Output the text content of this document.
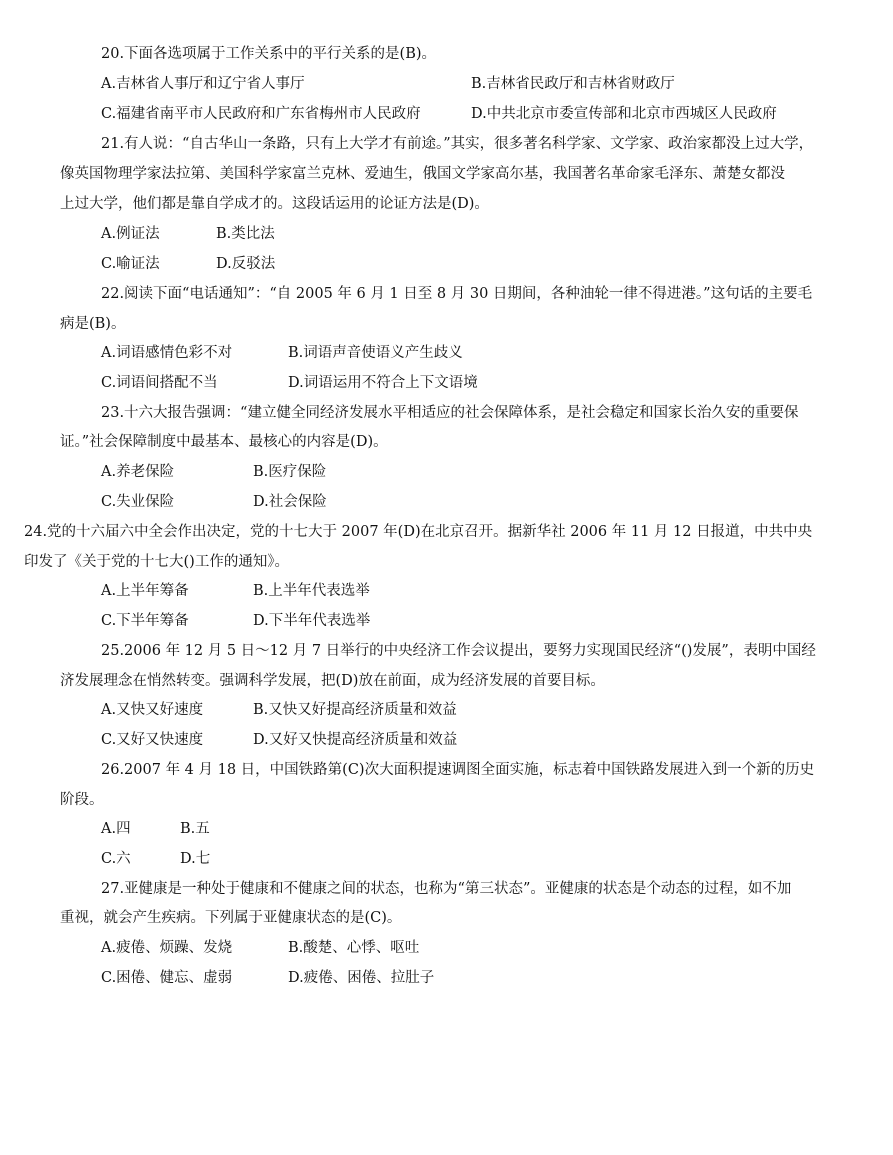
20.下面各选项属于工作关系中的平行关系的是(B)。
A.吉林省人事厅和辽宁省人事厅	B.吉林省民政厅和吉林省财政厅
C.福建省南平市人民政府和广东省梅州市人民政府	D.中共北京市委宣传部和北京市西城区人民政府
21.有人说：“自古华山一条路，只有上大学才有前途。”其实，很多著名科学家、文学家、政治家都没上过大学，
像英国物理学家法拉第、美国科学家富兰克林、爱迪生，俄国文学家高尔基，我国著名革命家毛泽东、萧楚女都没
上过大学，他们都是靠自学成才的。这段话运用的论证方法是(D)。
A.例证法	B.类比法
C.喻证法	D.反驳法
22.阅读下面“电话通知”：“自 2005 年 6 月 1 日至 8 月 30 日期间，各种油轮一律不得进港。”这句话的主要毛
病是(B)。
A.词语感情色彩不对	B.词语声音使语义产生歧义
C.词语间搭配不当	D.词语运用不符合上下文语境
23.十六大报告强调：“建立健全同经济发展水平相适应的社会保障体系，是社会稳定和国家长治久安的重要保
证。”社会保障制度中最基本、最核心的内容是(D)。
A.养老保险	B.医疗保险
C.失业保险	D.社会保险
24.党的十六届六中全会作出决定，党的十七大于 2007 年(D)在北京召开。据新华社 2006 年 11 月 12 日报道，中共中央
印发了《关于党的十七大()工作的通知》。
A.上半年筹备	B.上半年代表选举
C.下半年筹备	D.下半年代表选举
25.2006 年 12 月 5 日～12 月 7 日举行的中央经济工作会议提出，要努力实现国民经济“()发展”，表明中国经
济发展理念在悄然转变。强调科学发展，把(D)放在前面，成为经济发展的首要目标。
A.又快又好速度	B.又快又好提高经济质量和效益
C.又好又快速度	D.又好又快提高经济质量和效益
26.2007 年 4 月 18 日，中国铁路第(C)次大面积提速调图全面实施，标志着中国铁路发展进入到一个新的历史
阶段。
A.四	B.五
C.六	D.七
27.亚健康是一种处于健康和不健康之间的状态，也称为“第三状态”。亚健康的状态是个动态的过程，如不加
重视，就会产生疾病。下列属于亚健康状态的是(C)。
A.疲倦、烦躁、发烧	B.酸楚、心悸、呕吐
C.困倦、健忘、虚弱	D.疲倦、困倦、拉肚子
